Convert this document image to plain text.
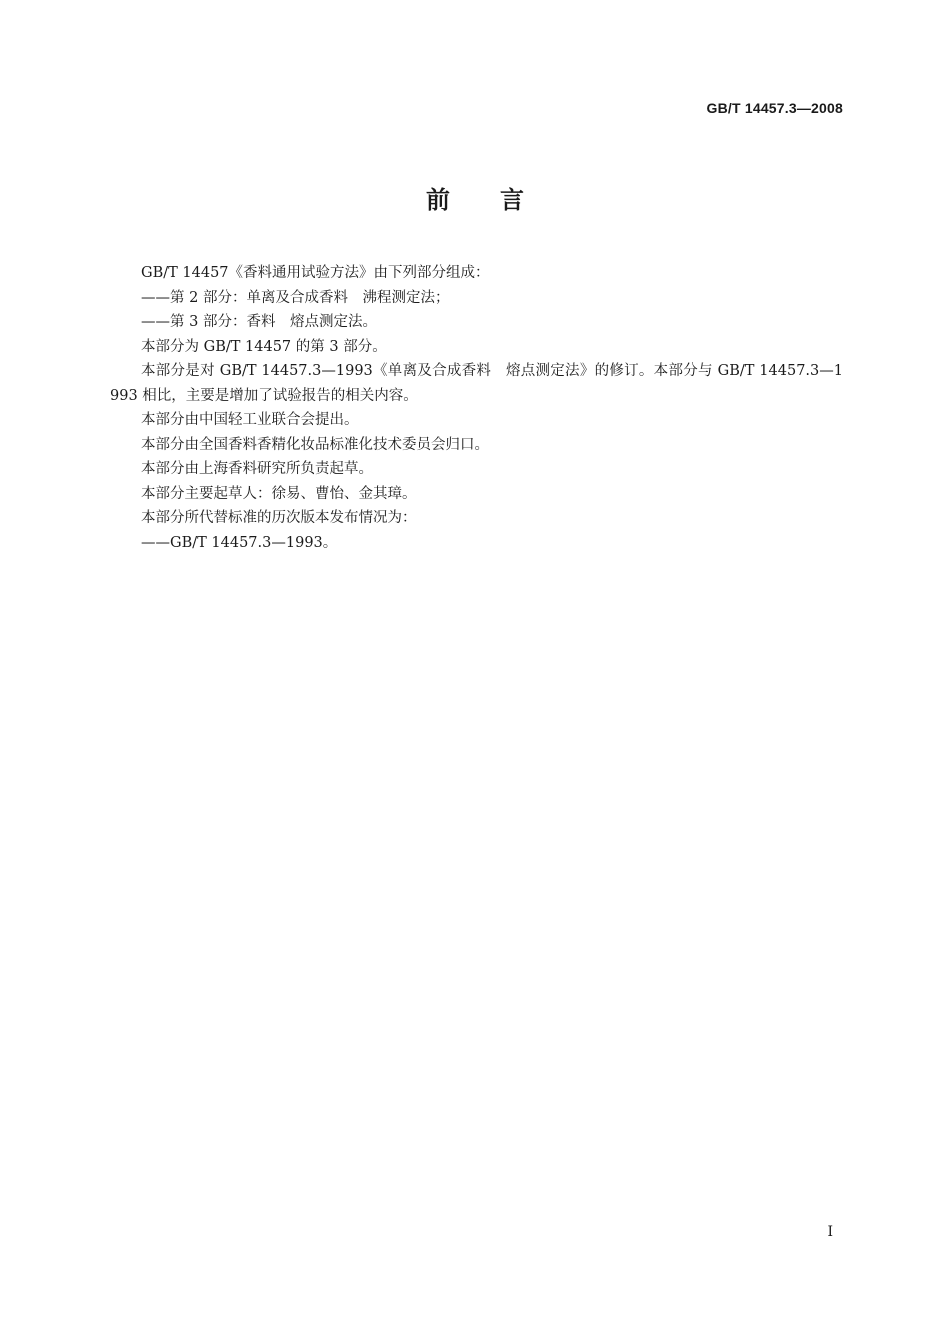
GB/T 14457.3—2008
前言

GB/T 14457《香料通用试验方法》由下列部分组成：

——第 2 部分：单离及合成香料　沸程测定法；

——第 3 部分：香料　熔点测定法。

本部分为 GB/T 14457 的第 3 部分。

本部分是对 GB/T 14457.3—1993《单离及合成香料　熔点测定法》的修订。本部分与 GB/T 14457.3—1993 相比，主要是增加了试验报告的相关内容。

本部分由中国轻工业联合会提出。

本部分由全国香料香精化妆品标准化技术委员会归口。

本部分由上海香料研究所负责起草。

本部分主要起草人：徐易、曹怡、金其璋。

本部分所代替标准的历次版本发布情况为：

——GB/T 14457.3—1993。

I
